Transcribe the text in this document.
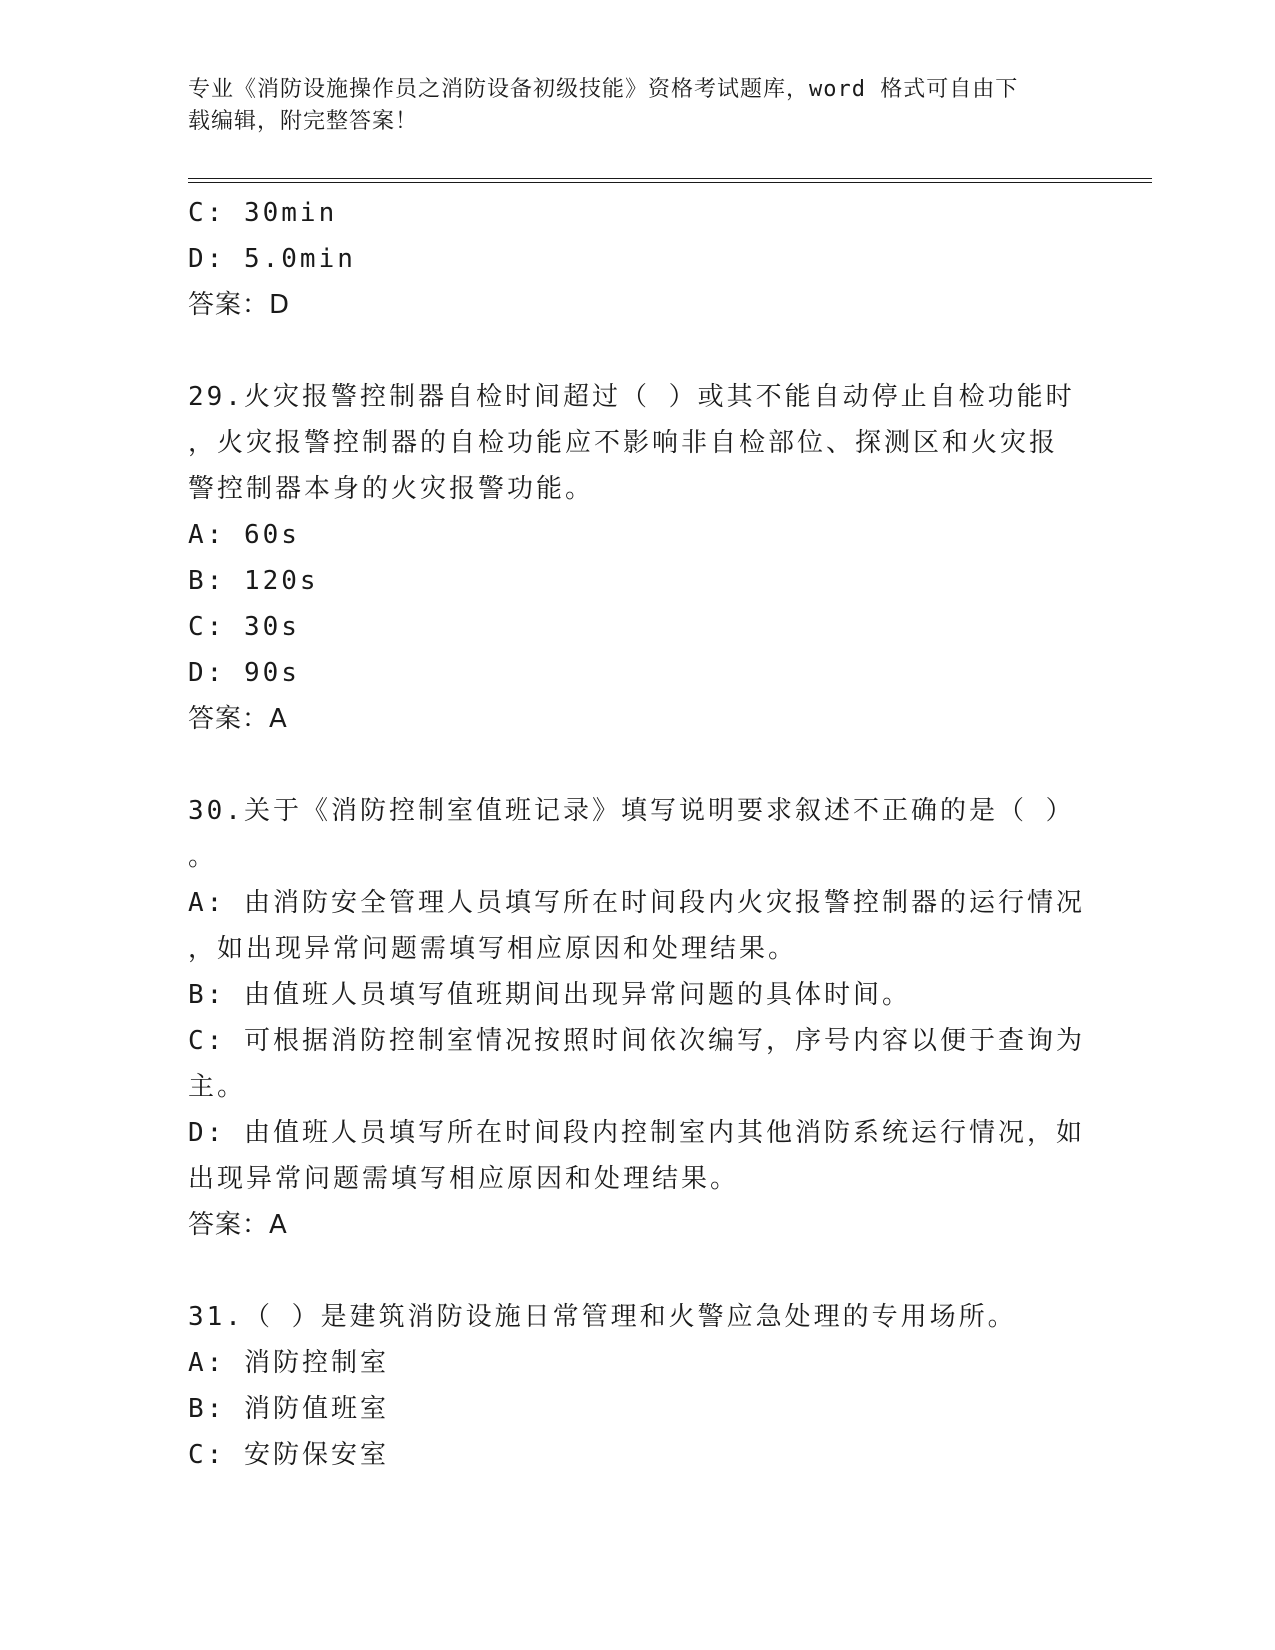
专业《消防设施操作员之消防设备初级技能》资格考试题库，word 格式可自由下
载编辑，附完整答案！
C: 30min
D: 5.0min
答案：D
29.火灾报警控制器自检时间超过（ ）或其不能自动停止自检功能时
，火灾报警控制器的自检功能应不影响非自检部位、探测区和火灾报
警控制器本身的火灾报警功能。
A: 60s
B: 120s
C: 30s
D: 90s
答案：A
30.关于《消防控制室值班记录》填写说明要求叙述不正确的是（ ）
。
A: 由消防安全管理人员填写所在时间段内火灾报警控制器的运行情况
，如出现异常问题需填写相应原因和处理结果。
B: 由值班人员填写值班期间出现异常问题的具体时间。
C: 可根据消防控制室情况按照时间依次编写，序号内容以便于查询为
主。
D: 由值班人员填写所在时间段内控制室内其他消防系统运行情况，如
出现异常问题需填写相应原因和处理结果。
答案：A
31.（ ）是建筑消防设施日常管理和火警应急处理的专用场所。
A: 消防控制室
B: 消防值班室
C: 安防保安室
